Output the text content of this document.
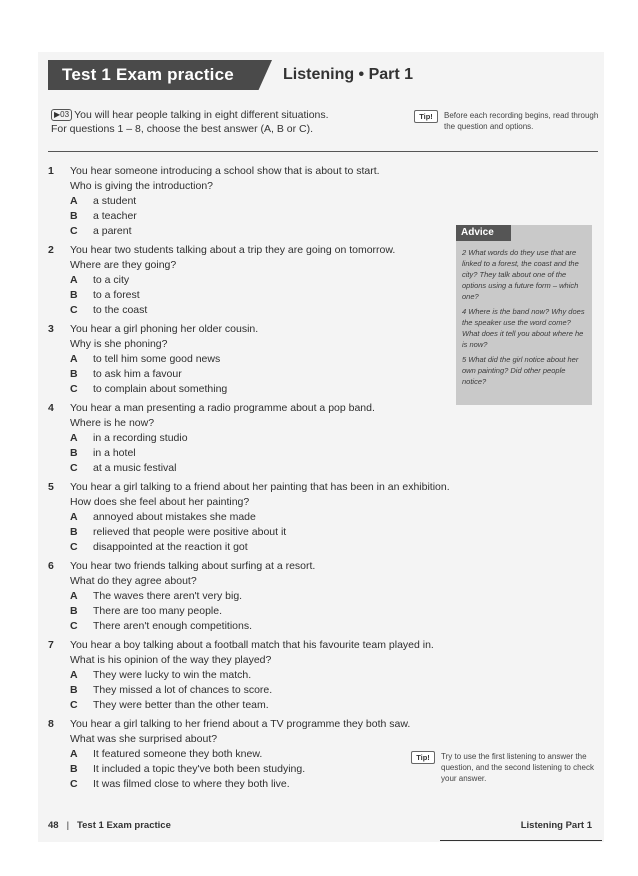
Test 1 Exam practice	Listening • Part 1
▶03 You will hear people talking in eight different situations.
For questions 1 – 8, choose the best answer (A, B or C).
Tip!	Before each recording begins, read through the question and options.
1 You hear someone introducing a school show that is about to start.
Who is giving the introduction?
A a student
B a teacher
C a parent
2 You hear two students talking about a trip they are going on tomorrow.
Where are they going?
A to a city
B to a forest
C to the coast
3 You hear a girl phoning her older cousin.
Why is she phoning?
A to tell him some good news
B to ask him a favour
C to complain about something
4 You hear a man presenting a radio programme about a pop band.
Where is he now?
A in a recording studio
B in a hotel
C at a music festival
5 You hear a girl talking to a friend about her painting that has been in an exhibition.
How does she feel about her painting?
A annoyed about mistakes she made
B relieved that people were positive about it
C disappointed at the reaction it got
6 You hear two friends talking about surfing at a resort.
What do they agree about?
A The waves there aren't very big.
B There are too many people.
C There aren't enough competitions.
7 You hear a boy talking about a football match that his favourite team played in.
What is his opinion of the way they played?
A They were lucky to win the match.
B They missed a lot of chances to score.
C They were better than the other team.
8 You hear a girl talking to her friend about a TV programme they both saw.
What was she surprised about?
A It featured someone they both knew.
B It included a topic they've both been studying.
C It was filmed close to where they both live.
Advice

2 What words do they use that are linked to a forest, the coast and the city? They talk about one of the options using a future form – which one?

4 Where is the band now? Why does the speaker use the word come? What does it tell you about where he is now?

5 What did the girl notice about her own painting? Did other people notice?

Tip!	Try to use the first listening to answer the question, and the second listening to check your answer.
48 | Test 1 Exam practice	Listening Part 1
